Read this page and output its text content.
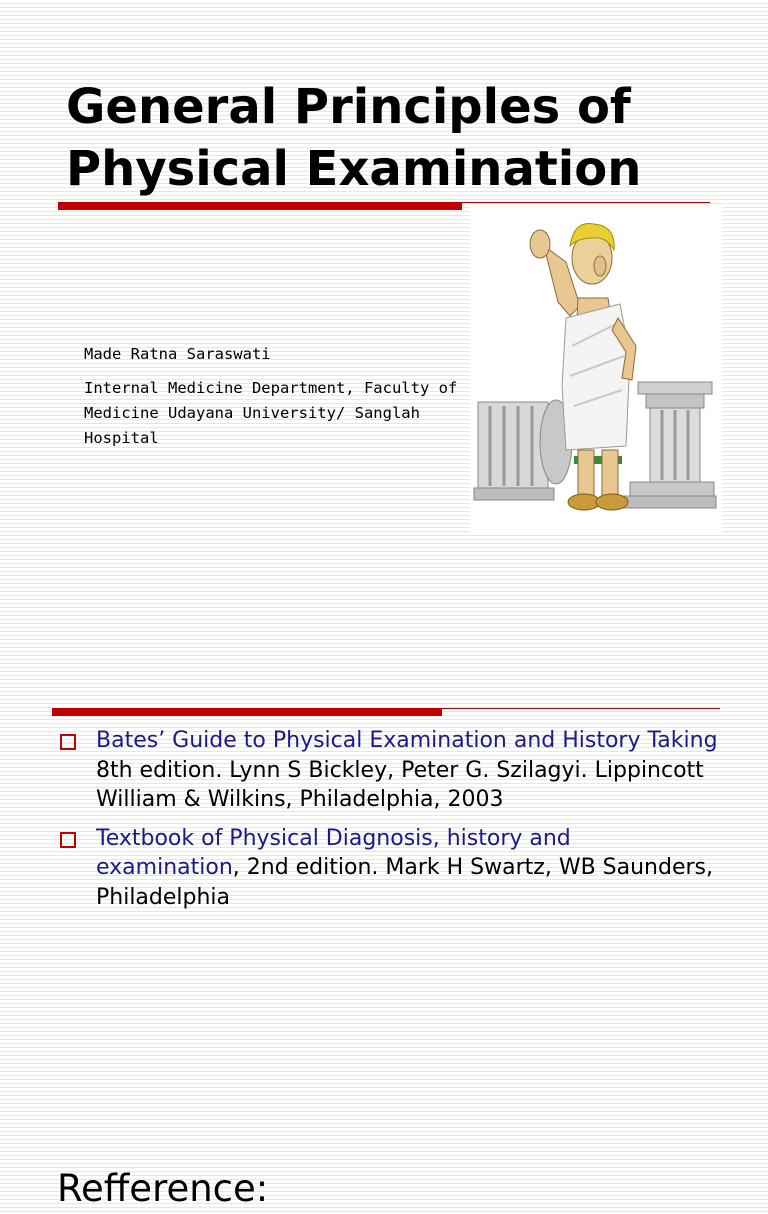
General Principles of Physical Examination
Made Ratna Saraswati
Internal Medicine Department, Faculty of Medicine Udayana University/ Sanglah Hospital
Refference:
Bates’ Guide to Physical Examination and History Taking 8th edition. Lynn S Bickley, Peter G. Szilagyi. Lippincott William & Wilkins, Philadelphia, 2003
Textbook of Physical Diagnosis, history and examination, 2nd edition. Mark H Swartz, WB Saunders, Philadelphia
